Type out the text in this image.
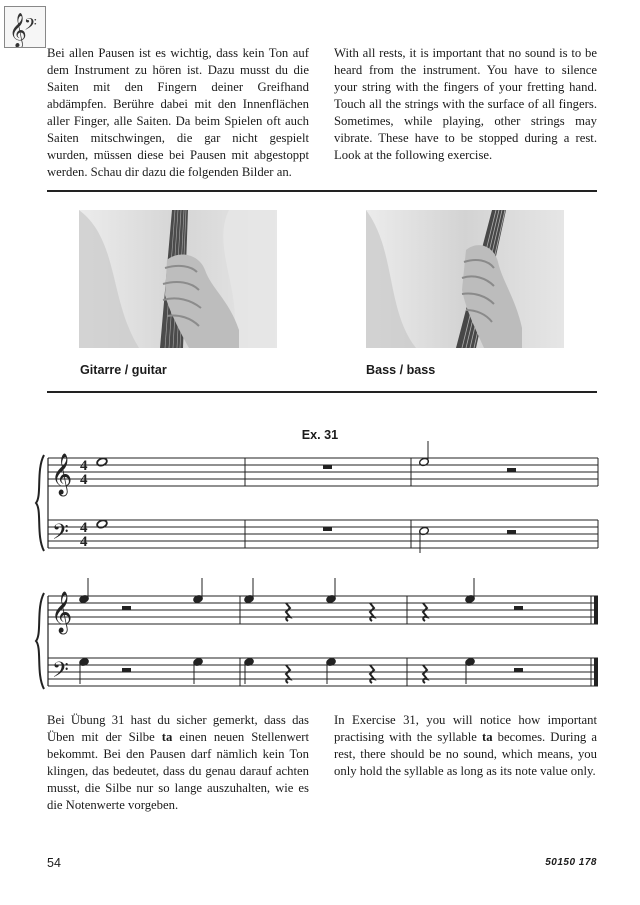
𝄞
𝄢
Bei allen Pausen ist es wichtig, dass kein Ton auf dem Instrument zu hören ist. Dazu musst du die Saiten mit den Fingern deiner Greifhand abdämpfen. Berühre dabei mit den Innenflächen aller Finger, alle Saiten. Da beim Spielen oft auch Saiten mitschwingen, die gar nicht gespielt wurden, müssen diese bei Pausen mit abgestoppt werden. Schau dir dazu die folgenden Bilder an.
With all rests, it is important that no sound is to be heard from the instrument. You have to silence your string with the fingers of your fretting hand. Touch all the strings with the surface of all fingers. Sometimes, while playing, other strings may vibrate. These have to be stopped during a rest. Look at the following exercise.
Gitarre / guitar	Bass / bass
Ex. 31
𝄞
𝄢
𝄞
𝄢
4
4
4
4
Bei Übung 31 hast du sicher gemerkt, dass das Üben mit der Silbe ta einen neuen Stellenwert bekommt. Bei den Pausen darf nämlich kein Ton klingen, das bedeutet, dass du genau darauf achten musst, die Silbe nur so lange auszuhalten, wie es die Notenwerte vorgeben.
In Exercise 31, you will notice how important practising with the syllable ta becomes. During a rest, there should be no sound, which means, you only hold the syllable as long as its note value only.
54	50150 178
